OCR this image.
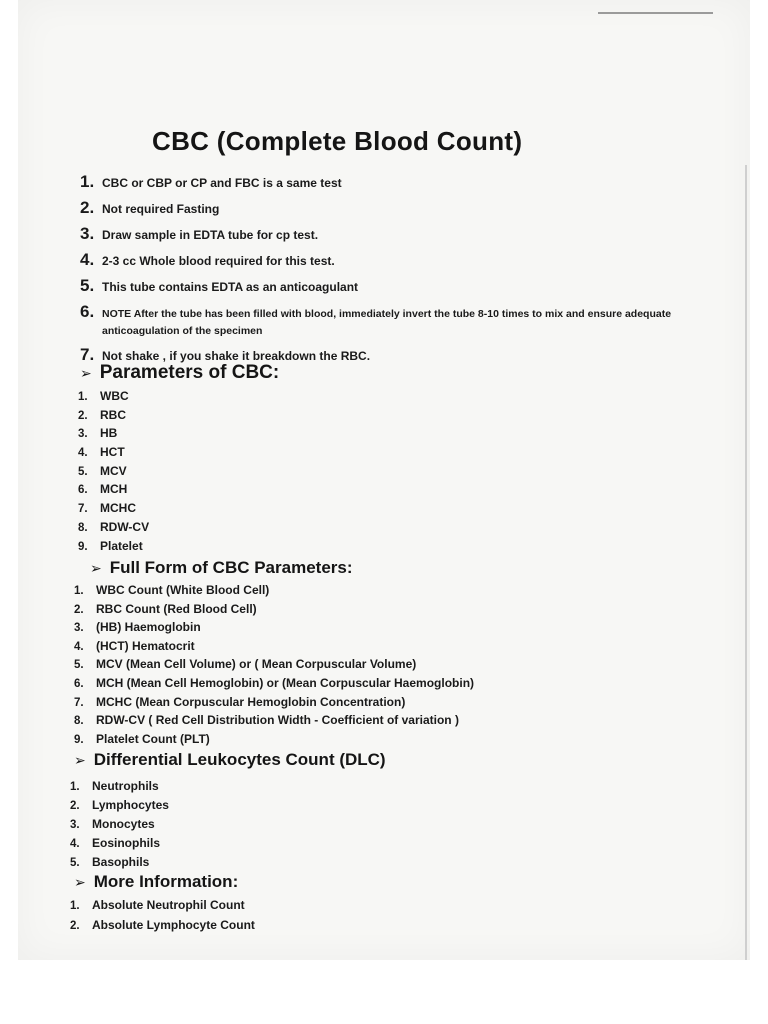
CBC (Complete Blood Count)
1. CBC or CBP or CP and FBC is a same test
2. Not required Fasting
3. Draw sample in EDTA tube for cp test.
4. 2-3 cc Whole blood required for this test.
5. This tube contains EDTA as an anticoagulant
6. NOTE After the tube has been filled with blood, immediately invert the tube 8-10 times to mix and ensure adequate anticoagulation of the specimen
7. Not shake , if you shake it breakdown the RBC.
➢ Parameters of CBC:
1.	WBC
2.	RBC
3.	HB
4.	HCT
5.	MCV
6.	MCH
7.	MCHC
8.	RDW-CV
9.	Platelet
➢ Full Form of CBC Parameters:
1.	WBC Count (White Blood Cell)
2.	RBC Count (Red Blood Cell)
3.	(HB) Haemoglobin
4.	(HCT) Hematocrit
5.	MCV (Mean Cell Volume) or ( Mean Corpuscular Volume)
6.	MCH (Mean Cell Hemoglobin) or (Mean Corpuscular Haemoglobin)
7.	MCHC (Mean Corpuscular Hemoglobin Concentration)
8.	RDW-CV ( Red Cell Distribution Width - Coefficient of variation )
9.	Platelet Count (PLT)
➢ Differential Leukocytes Count (DLC)
1.	Neutrophils
2.	Lymphocytes
3.	Monocytes
4.	Eosinophils
5.	Basophils
➢ More Information:
1.	Absolute Neutrophil Count
2.	Absolute Lymphocyte Count
